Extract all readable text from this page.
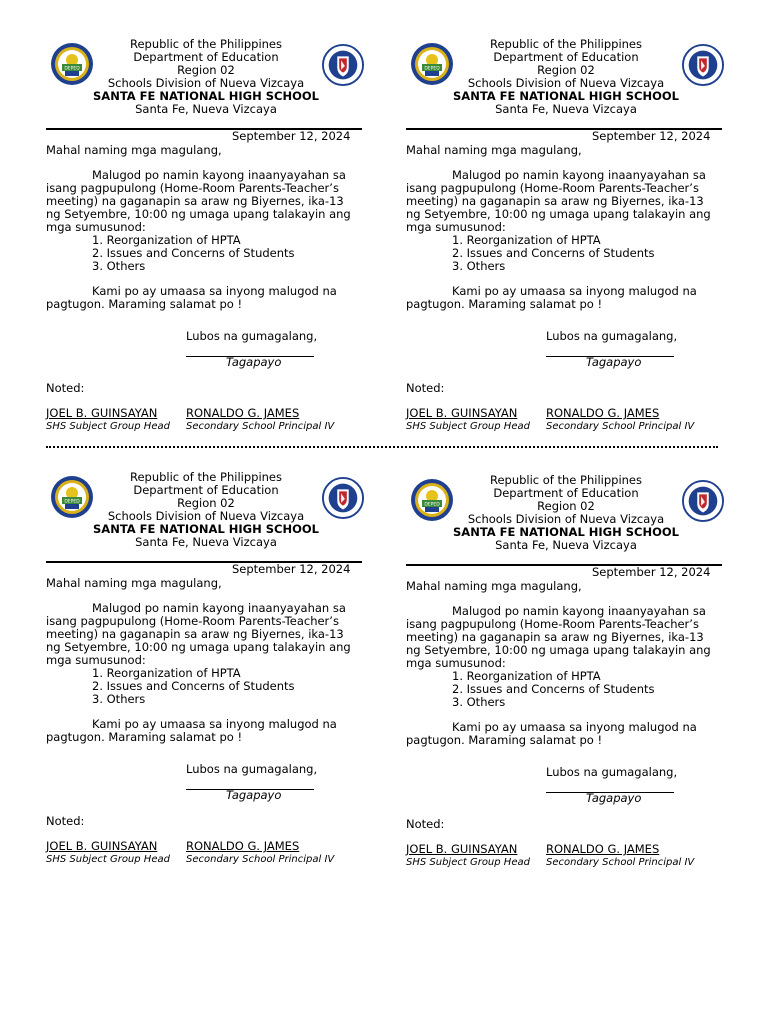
DEPED
Republic of the Philippines
Department of Education
Region 02
Schools Division of Nueva Vizcaya
SANTA FE NATIONAL HIGH SCHOOL
Santa Fe, Nueva Vizcaya
September 12, 2024
Mahal naming mga magulang,
Malugod po namin kayong inaanyayahan sa isang pagpupulong (Home-Room Parents-Teacher’s meeting) na gaganapin sa araw ng Biyernes, ika-13 ng Setyembre, 10:00 ng umaga upang talakayin ang mga sumusunod:
1. Reorganization of HPTA
2. Issues and Concerns of Students
3. Others
Kami po ay umaasa sa inyong malugod na pagtugon. Maraming salamat po !
Lubos na gumagalang,
Tagapayo
Noted:
JOEL B. GUINSAYAN
SHS Subject Group Head
RONALDO G. JAMES
Secondary School Principal IV
DEPED
Republic of the Philippines
Department of Education
Region 02
Schools Division of Nueva Vizcaya
SANTA FE NATIONAL HIGH SCHOOL
Santa Fe, Nueva Vizcaya
September 12, 2024
Mahal naming mga magulang,
Malugod po namin kayong inaanyayahan sa isang pagpupulong (Home-Room Parents-Teacher’s meeting) na gaganapin sa araw ng Biyernes, ika-13 ng Setyembre, 10:00 ng umaga upang talakayin ang mga sumusunod:
1. Reorganization of HPTA
2. Issues and Concerns of Students
3. Others
Kami po ay umaasa sa inyong malugod na pagtugon. Maraming salamat po !
Lubos na gumagalang,
Tagapayo
Noted:
JOEL B. GUINSAYAN
SHS Subject Group Head
RONALDO G. JAMES
Secondary School Principal IV
DEPED
Republic of the Philippines
Department of Education
Region 02
Schools Division of Nueva Vizcaya
SANTA FE NATIONAL HIGH SCHOOL
Santa Fe, Nueva Vizcaya
September 12, 2024
Mahal naming mga magulang,
Malugod po namin kayong inaanyayahan sa isang pagpupulong (Home-Room Parents-Teacher’s meeting) na gaganapin sa araw ng Biyernes, ika-13 ng Setyembre, 10:00 ng umaga upang talakayin ang mga sumusunod:
1. Reorganization of HPTA
2. Issues and Concerns of Students
3. Others
Kami po ay umaasa sa inyong malugod na pagtugon. Maraming salamat po !
Lubos na gumagalang,
Tagapayo
Noted:
JOEL B. GUINSAYAN
SHS Subject Group Head
RONALDO G. JAMES
Secondary School Principal IV
DEPED
Republic of the Philippines
Department of Education
Region 02
Schools Division of Nueva Vizcaya
SANTA FE NATIONAL HIGH SCHOOL
Santa Fe, Nueva Vizcaya
September 12, 2024
Mahal naming mga magulang,
Malugod po namin kayong inaanyayahan sa isang pagpupulong (Home-Room Parents-Teacher’s meeting) na gaganapin sa araw ng Biyernes, ika-13 ng Setyembre, 10:00 ng umaga upang talakayin ang mga sumusunod:
1. Reorganization of HPTA
2. Issues and Concerns of Students
3. Others
Kami po ay umaasa sa inyong malugod na pagtugon. Maraming salamat po !
Lubos na gumagalang,
Tagapayo
Noted:
JOEL B. GUINSAYAN
SHS Subject Group Head
RONALDO G. JAMES
Secondary School Principal IV
